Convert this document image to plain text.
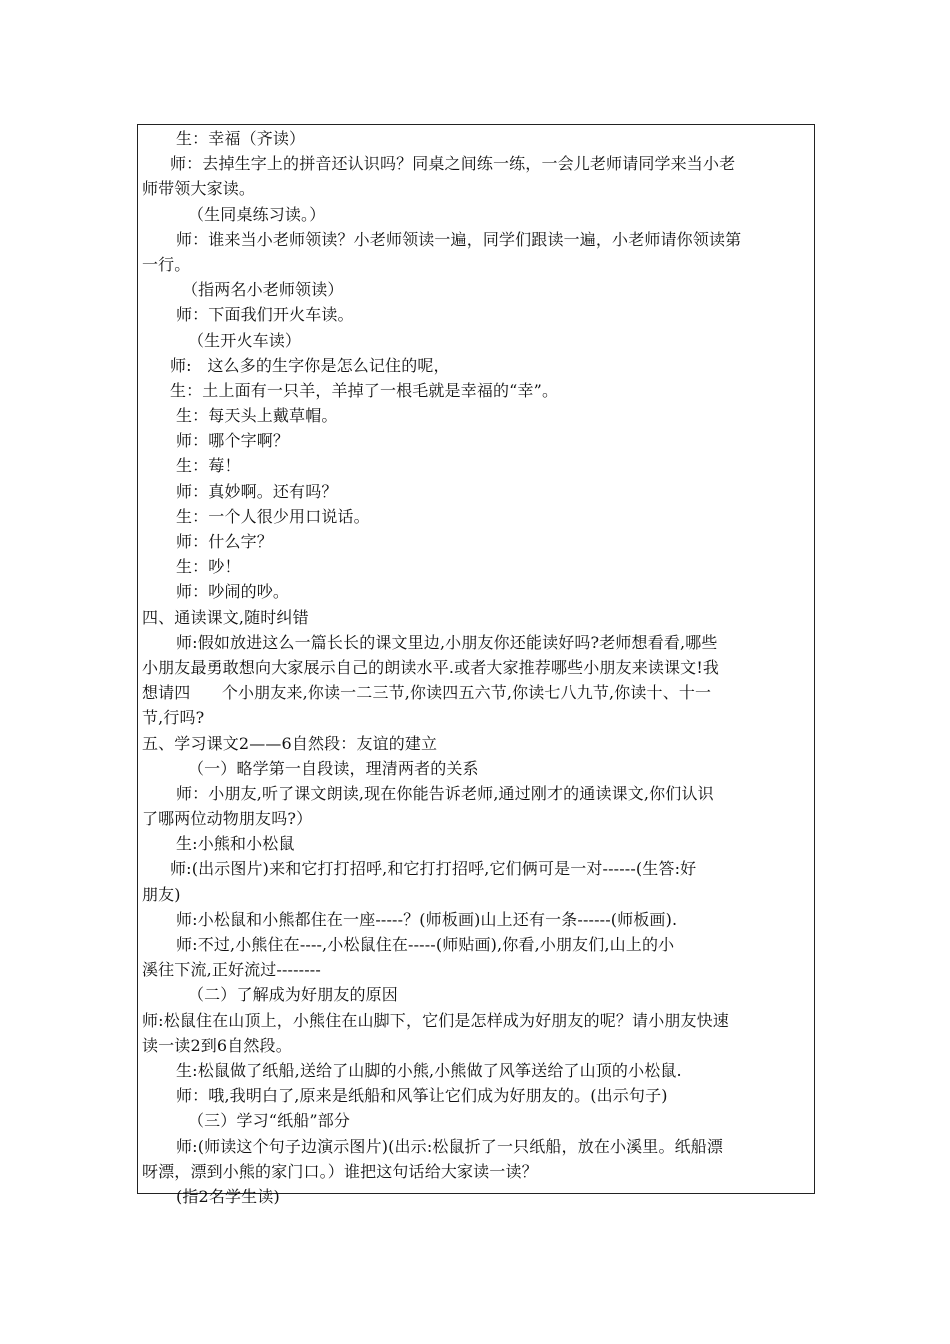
生：幸福（齐读）
师：去掉生字上的拼音还认识吗？同桌之间练一练，一会儿老师请同学来当小老
师带领大家读。
（生同桌练习读。）
师：谁来当小老师领读？小老师领读一遍，同学们跟读一遍，小老师请你领读第
一行。
（指两名小老师领读）
师：下面我们开火车读。
（生开火车读）
师:   这么多的生字你是怎么记住的呢，
生：土上面有一只羊，羊掉了一根毛就是幸福的“幸”。
生：每天头上戴草帽。
师：哪个字啊？
生：莓！
师：真妙啊。还有吗？
生：一个人很少用口说话。
师：什么字？
生：吵！
师：吵闹的吵。
四、通读课文,随时纠错
师:假如放进这么一篇长长的课文里边,小朋友你还能读好吗?老师想看看,哪些
小朋友最勇敢想向大家展示自己的朗读水平.或者大家推荐哪些小朋友来读课文!我
想请四      个小朋友来,你读一二三节,你读四五六节,你读七八九节,你读十、十一
节,行吗?
五、学习课文2——6自然段：友谊的建立
（一）略学第一自段读，理清两者的关系
师：小朋友,听了课文朗读,现在你能告诉老师,通过刚才的通读课文,你们认识
了哪两位动物朋友吗?）
生:小熊和小松鼠
师:(出示图片)来和它打打招呼,和它打打招呼,它们俩可是一对------(生答:好
朋友)
师:小松鼠和小熊都住在一座-----？(师板画)山上还有一条------(师板画).
师:不过,小熊住在----,小松鼠住在-----(师贴画),你看,小朋友们,山上的小
溪往下流,正好流过--------
（二）了解成为好朋友的原因
师:松鼠住在山顶上，小熊住在山脚下，它们是怎样成为好朋友的呢？请小朋友快速
读一读2到6自然段。
生:松鼠做了纸船,送给了山脚的小熊,小熊做了风筝送给了山顶的小松鼠.
师：哦,我明白了,原来是纸船和风筝让它们成为好朋友的。(出示句子)
（三）学习“纸船”部分
师:(师读这个句子边演示图片)(出示:松鼠折了一只纸船，放在小溪里。纸船漂
呀漂，漂到小熊的家门口。）谁把这句话给大家读一读？
(指2名学生读)
